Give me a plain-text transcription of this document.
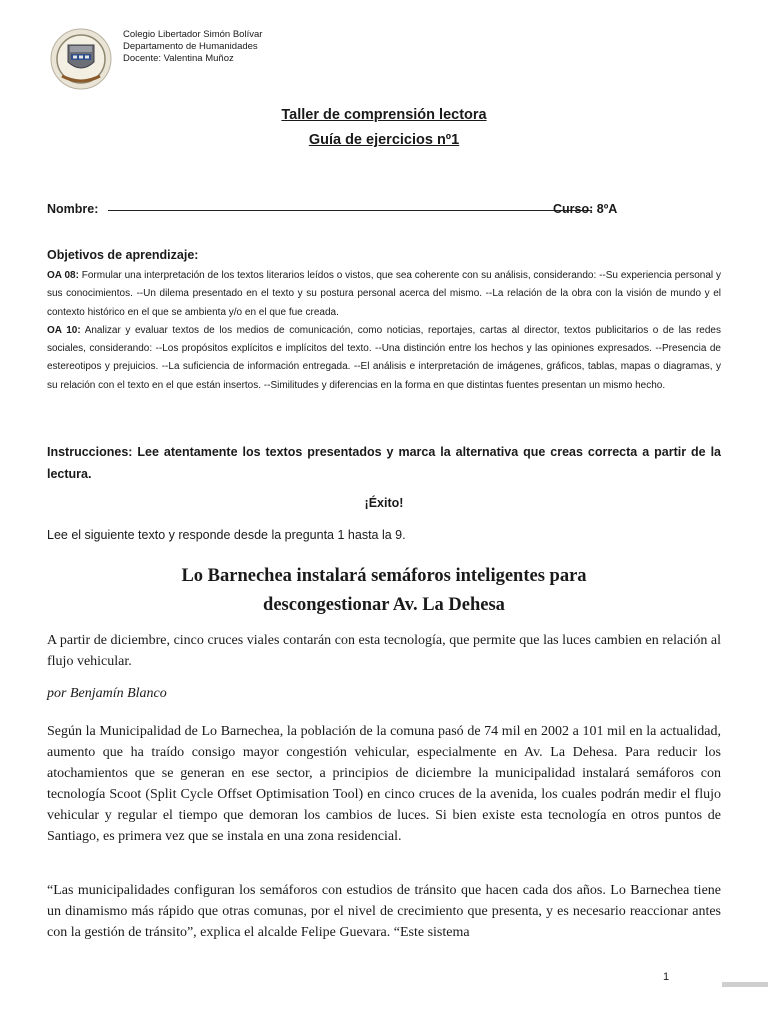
Colegio Libertador Simón Bolívar
Departamento de Humanidades
Docente: Valentina Muñoz
Taller de comprensión lectora
Guía de ejercicios nº1
Nombre:	Curso: 8ºA
Objetivos de aprendizaje:

OA 08: Formular una interpretación de los textos literarios leídos o vistos, que sea coherente con su análisis, considerando: --Su experiencia personal y sus conocimientos. --Un dilema presentado en el texto y su postura personal acerca del mismo. --La relación de la obra con la visión de mundo y el contexto histórico en el que se ambienta y/o en el que fue creada.

OA 10: Analizar y evaluar textos de los medios de comunicación, como noticias, reportajes, cartas al director, textos publicitarios o de las redes sociales, considerando: --Los propósitos explícitos e implícitos del texto. --Una distinción entre los hechos y las opiniones expresados. --Presencia de estereotipos y prejuicios. --La suficiencia de información entregada. --El análisis e interpretación de imágenes, gráficos, tablas, mapas o diagramas, y su relación con el texto en el que están insertos. --Similitudes y diferencias en la forma en que distintas fuentes presentan un mismo hecho.

Instrucciones: Lee atentamente los textos presentados y marca la alternativa que creas correcta a partir de la lectura.
¡Éxito!
Lee el siguiente texto y responde desde la pregunta 1 hasta la 9.
Lo Barnechea instalará semáforos inteligentes para
descongestionar Av. La Dehesa
A partir de diciembre, cinco cruces viales contarán con esta tecnología, que permite que las luces cambien en relación al flujo vehicular.
por Benjamín Blanco
Según la Municipalidad de Lo Barnechea, la población de la comuna pasó de 74 mil en 2002 a 101 mil en la actualidad, aumento que ha traído consigo mayor congestión vehicular, especialmente en Av. La Dehesa. Para reducir los atochamientos que se generan en ese sector, a principios de diciembre la municipalidad instalará semáforos con tecnología Scoot (Split Cycle Offset Optimisation Tool) en cinco cruces de la avenida, los cuales podrán medir el flujo vehicular y regular el tiempo que demoran los cambios de luces. Si bien existe esta tecnología en otros puntos de Santiago, es primera vez que se instala en una zona residencial.
“Las municipalidades configuran los semáforos con estudios de tránsito que hacen cada dos años. Lo Barnechea tiene un dinamismo más rápido que otras comunas, por el nivel de crecimiento que presenta, y es necesario reaccionar antes con la gestión de tránsito”, explica el alcalde Felipe Guevara. “Este sistema
1
